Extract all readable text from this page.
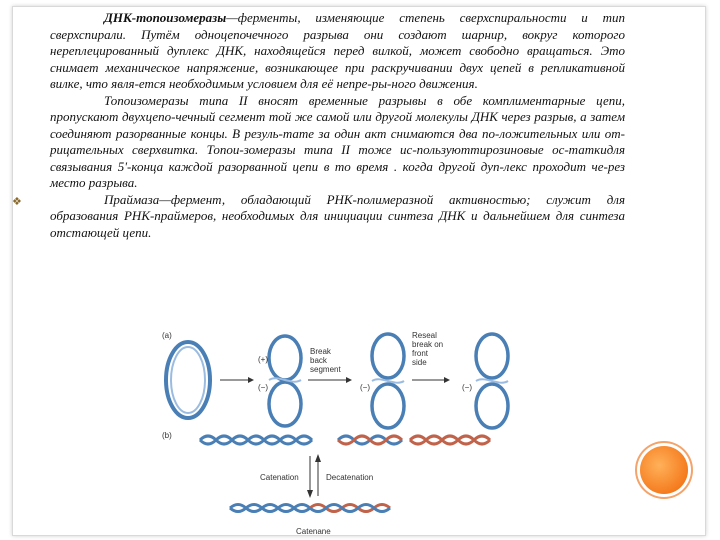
ДНК-топоизомеразы—ферменты, изменяющие степень сверхспиральности и тип сверхспирали. Путём одноцепочечного разрыва они создают шарнир, вокруг которого нереплецированный дуплекс ДНК, находящейся перед вилкой, может свободно вращаться. Это снимает механическое напряжение, возникающее при раскручивании двух цепей в репликативной вилке, что явля-ется необходимым условием для её непре-ры-ного движения.

Топоизомеразы типа II вносят временные разрывы в обе комплиментарные цепи, пропускают двухцепо-чечный сегмент той же самой или другой молекулы ДНК через разрыв, а затем соединяют разорванные концы. В резуль-тате за один акт снимаются два по-ложительных или от-рицательных сверхвитка. Топои-зомеразы типа II тоже ис-пользуюттирозиновые ос-таткидля связывания 5'-конца каждой разорванной цепи в то время . когда другой дуп-лекс проходит че-рез место разрыва.

❖	Праймаза—фермент, обладающий РНК-полимеразной активностью; служит для образования РНК-праймеров, необходимых для инициации синтеза ДНК и дальнейшем для синтеза отстающей цепи.

(a)
(+)
(−)
Break
back
segment
(−)
Reseal
break on
front
side
(−)
(b)
Catenation	Decatenation
Catenane
